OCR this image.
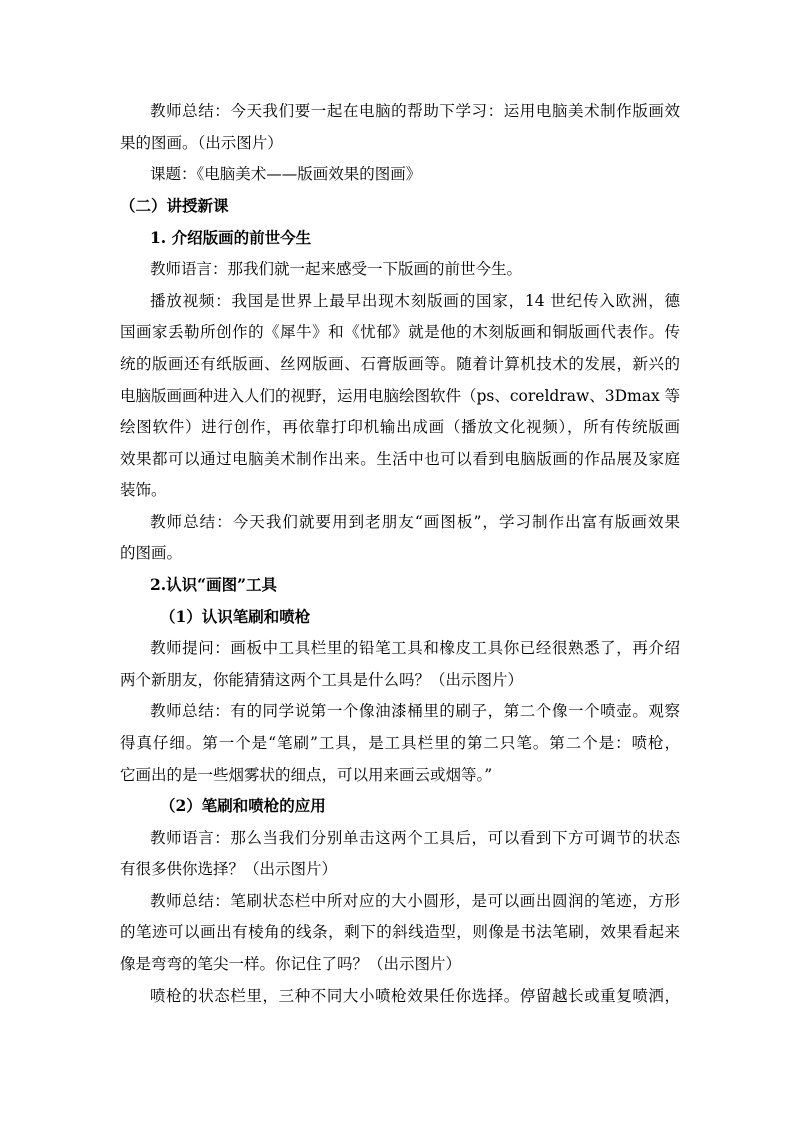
教师总结：今天我们要一起在电脑的帮助下学习：运用电脑美术制作版画效
果的图画。（出示图片）
课题：《电脑美术——版画效果的图画》
（二）讲授新课
1. 介绍版画的前世今生
教师语言：那我们就一起来感受一下版画的前世今生。
播放视频：我国是世界上最早出现木刻版画的国家，14 世纪传入欧洲，德
国画家丢勒所创作的《犀牛》和《忧郁》就是他的木刻版画和铜版画代表作。传
统的版画还有纸版画、丝网版画、石膏版画等。随着计算机技术的发展，新兴的
电脑版画画种进入人们的视野，运用电脑绘图软件（ps、coreldraw、3Dmax 等
绘图软件）进行创作，再依靠打印机输出成画（播放文化视频），所有传统版画
效果都可以通过电脑美术制作出来。生活中也可以看到电脑版画的作品展及家庭
装饰。
教师总结：今天我们就要用到老朋友“画图板”，学习制作出富有版画效果
的图画。
2.认识“画图”工具
（1）认识笔刷和喷枪
教师提问：画板中工具栏里的铅笔工具和橡皮工具你已经很熟悉了，再介绍
两个新朋友，你能猜猜这两个工具是什么吗？（出示图片）
教师总结：有的同学说第一个像油漆桶里的刷子，第二个像一个喷壶。观察
得真仔细。第一个是“笔刷”工具，是工具栏里的第二只笔。第二个是：喷枪，
它画出的是一些烟雾状的细点，可以用来画云或烟等。”
（2）笔刷和喷枪的应用
教师语言：那么当我们分别单击这两个工具后，可以看到下方可调节的状态
有很多供你选择？（出示图片）
教师总结：笔刷状态栏中所对应的大小圆形，是可以画出圆润的笔迹，方形
的笔迹可以画出有棱角的线条，剩下的斜线造型，则像是书法笔刷，效果看起来
像是弯弯的笔尖一样。你记住了吗？（出示图片）
喷枪的状态栏里，三种不同大小喷枪效果任你选择。停留越长或重复喷洒，
